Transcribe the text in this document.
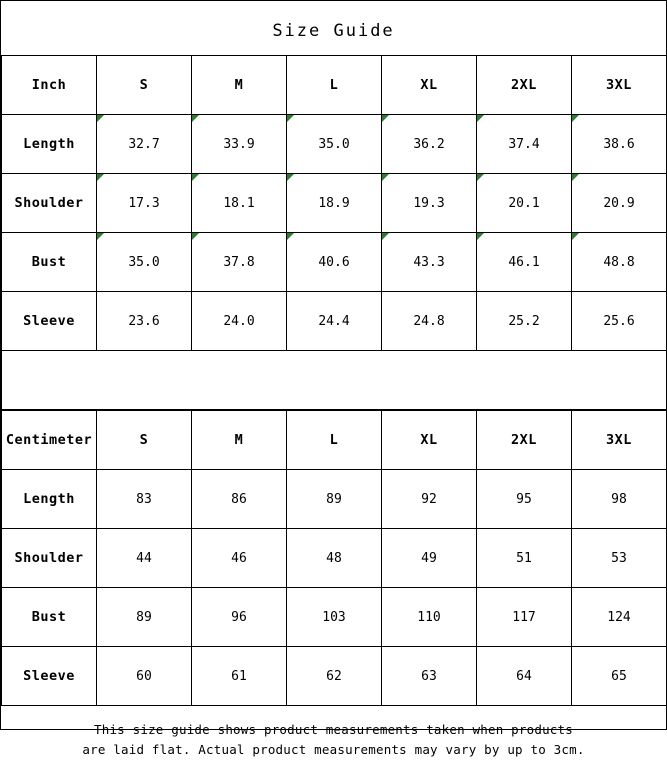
Size Guide
Inch	S	M	L	XL	2XL	3XL
Length	32.7	33.9	35.0	36.2	37.4	38.6
Shoulder	17.3	18.1	18.9	19.3	20.1	20.9
Bust	35.0	37.8	40.6	43.3	46.1	48.8
Sleeve	23.6	24.0	24.4	24.8	25.2	25.6

Centimeter	S	M	L	XL	2XL	3XL
Length	83	86	89	92	95	98
Shoulder	44	46	48	49	51	53
Bust	89	96	103	110	117	124
Sleeve	60	61	62	63	64	65
This size guide shows product measurements taken when products
are laid flat. Actual product measurements may vary by up to 3cm.
